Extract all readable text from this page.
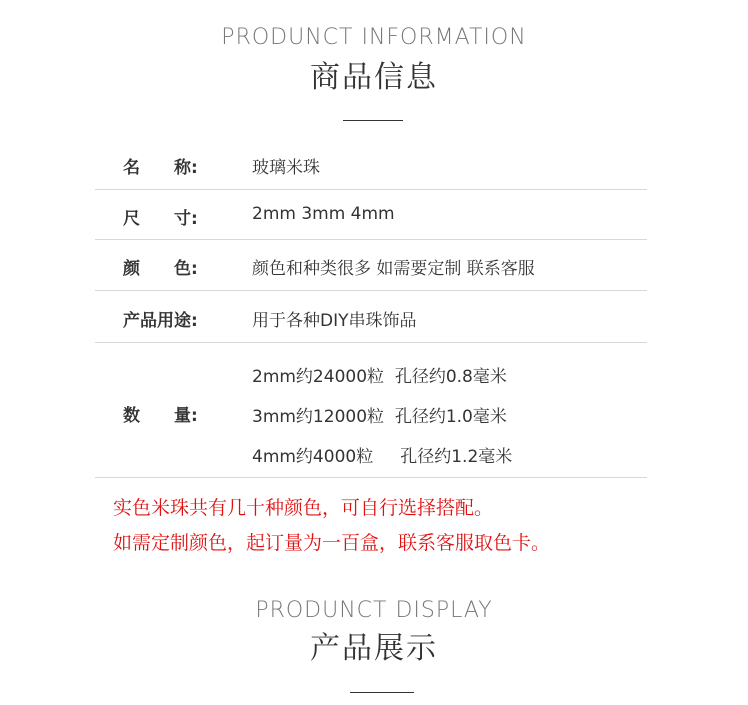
PRODUNCT INFORMATION
商品信息
名 称:	玻璃米珠
尺 寸:	2mm 3mm 4mm
颜 色:	颜色和种类很多 如需要定制 联系客服
产品用途:	用于各种DIY串珠饰品
数 量:
2mm约24000粒  孔径约0.8毫米
3mm约12000粒  孔径约1.0毫米
4mm约4000粒     孔径约1.2毫米
实色米珠共有几十种颜色，可自行选择搭配。
如需定制颜色，起订量为一百盒，联系客服取色卡。
PRODUNCT DISPLAY
产品展示
